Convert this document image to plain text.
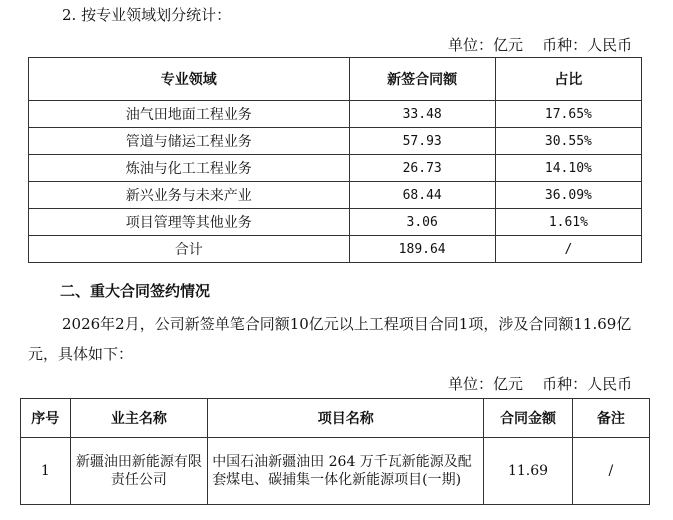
2. 按专业领域划分统计：
单位：亿元    币种：人民币
专业领域	新签合同额	占比
油气田地面工程业务	33.48	17.65%
管道与储运工程业务	57.93	30.55%
炼油与化工工程业务	26.73	14.10%
新兴业务与未来产业	68.44	36.09%
项目管理等其他业务	3.06	1.61%
合计	189.64	/
二、重大合同签约情况
2026年2月，公司新签单笔合同额10亿元以上工程项目合同1项，涉及合同额11.69亿
元，具体如下：
单位：亿元    币种：人民币
序号	业主名称	项目名称	合同金额	备注
1	新疆油田新能源有限责任公司	中国石油新疆油田 264 万千瓦新能源及配套煤电、碳捕集一体化新能源项目(一期)	11.69	/
